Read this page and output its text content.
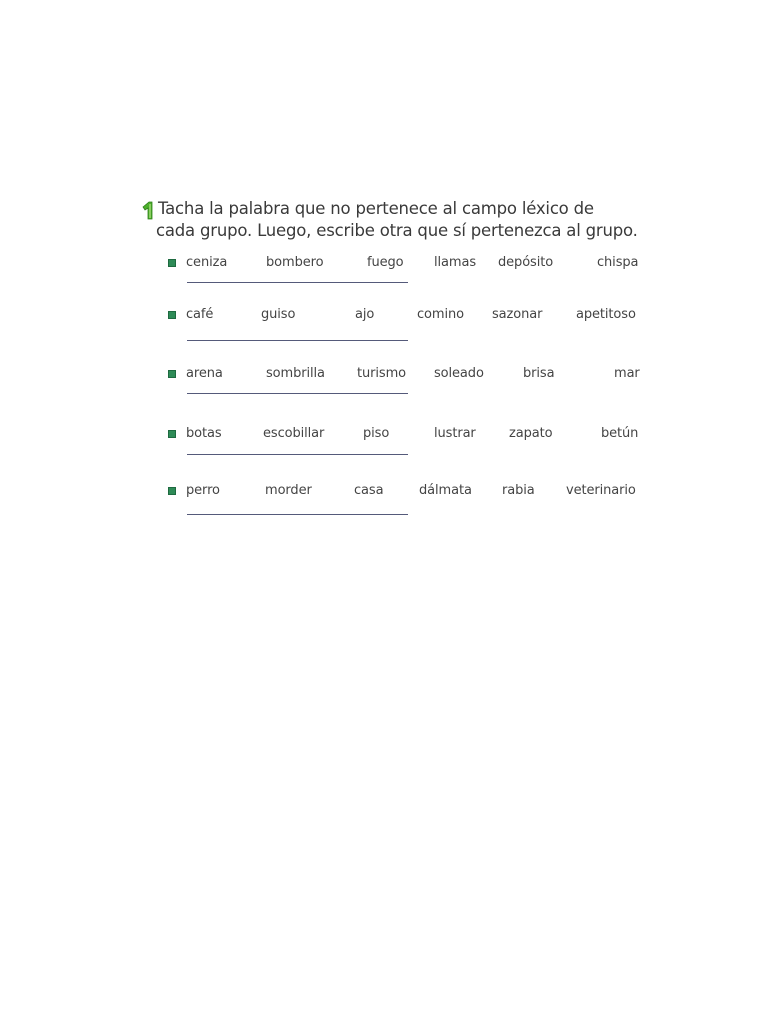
Tacha la palabra que no pertenece al campo léxico de
cada grupo. Luego, escribe otra que sí pertenezca al grupo.

ceniza	bombero	fuego llamas depósito	chispa
café	guiso	ajo	comino sazonar	apetitoso
arena	sombrilla turismo soleado	brisa	mar
botas	escobillar	piso	lustrar	zapato	betún
perro	morder	casa	dálmata rabia veterinario
